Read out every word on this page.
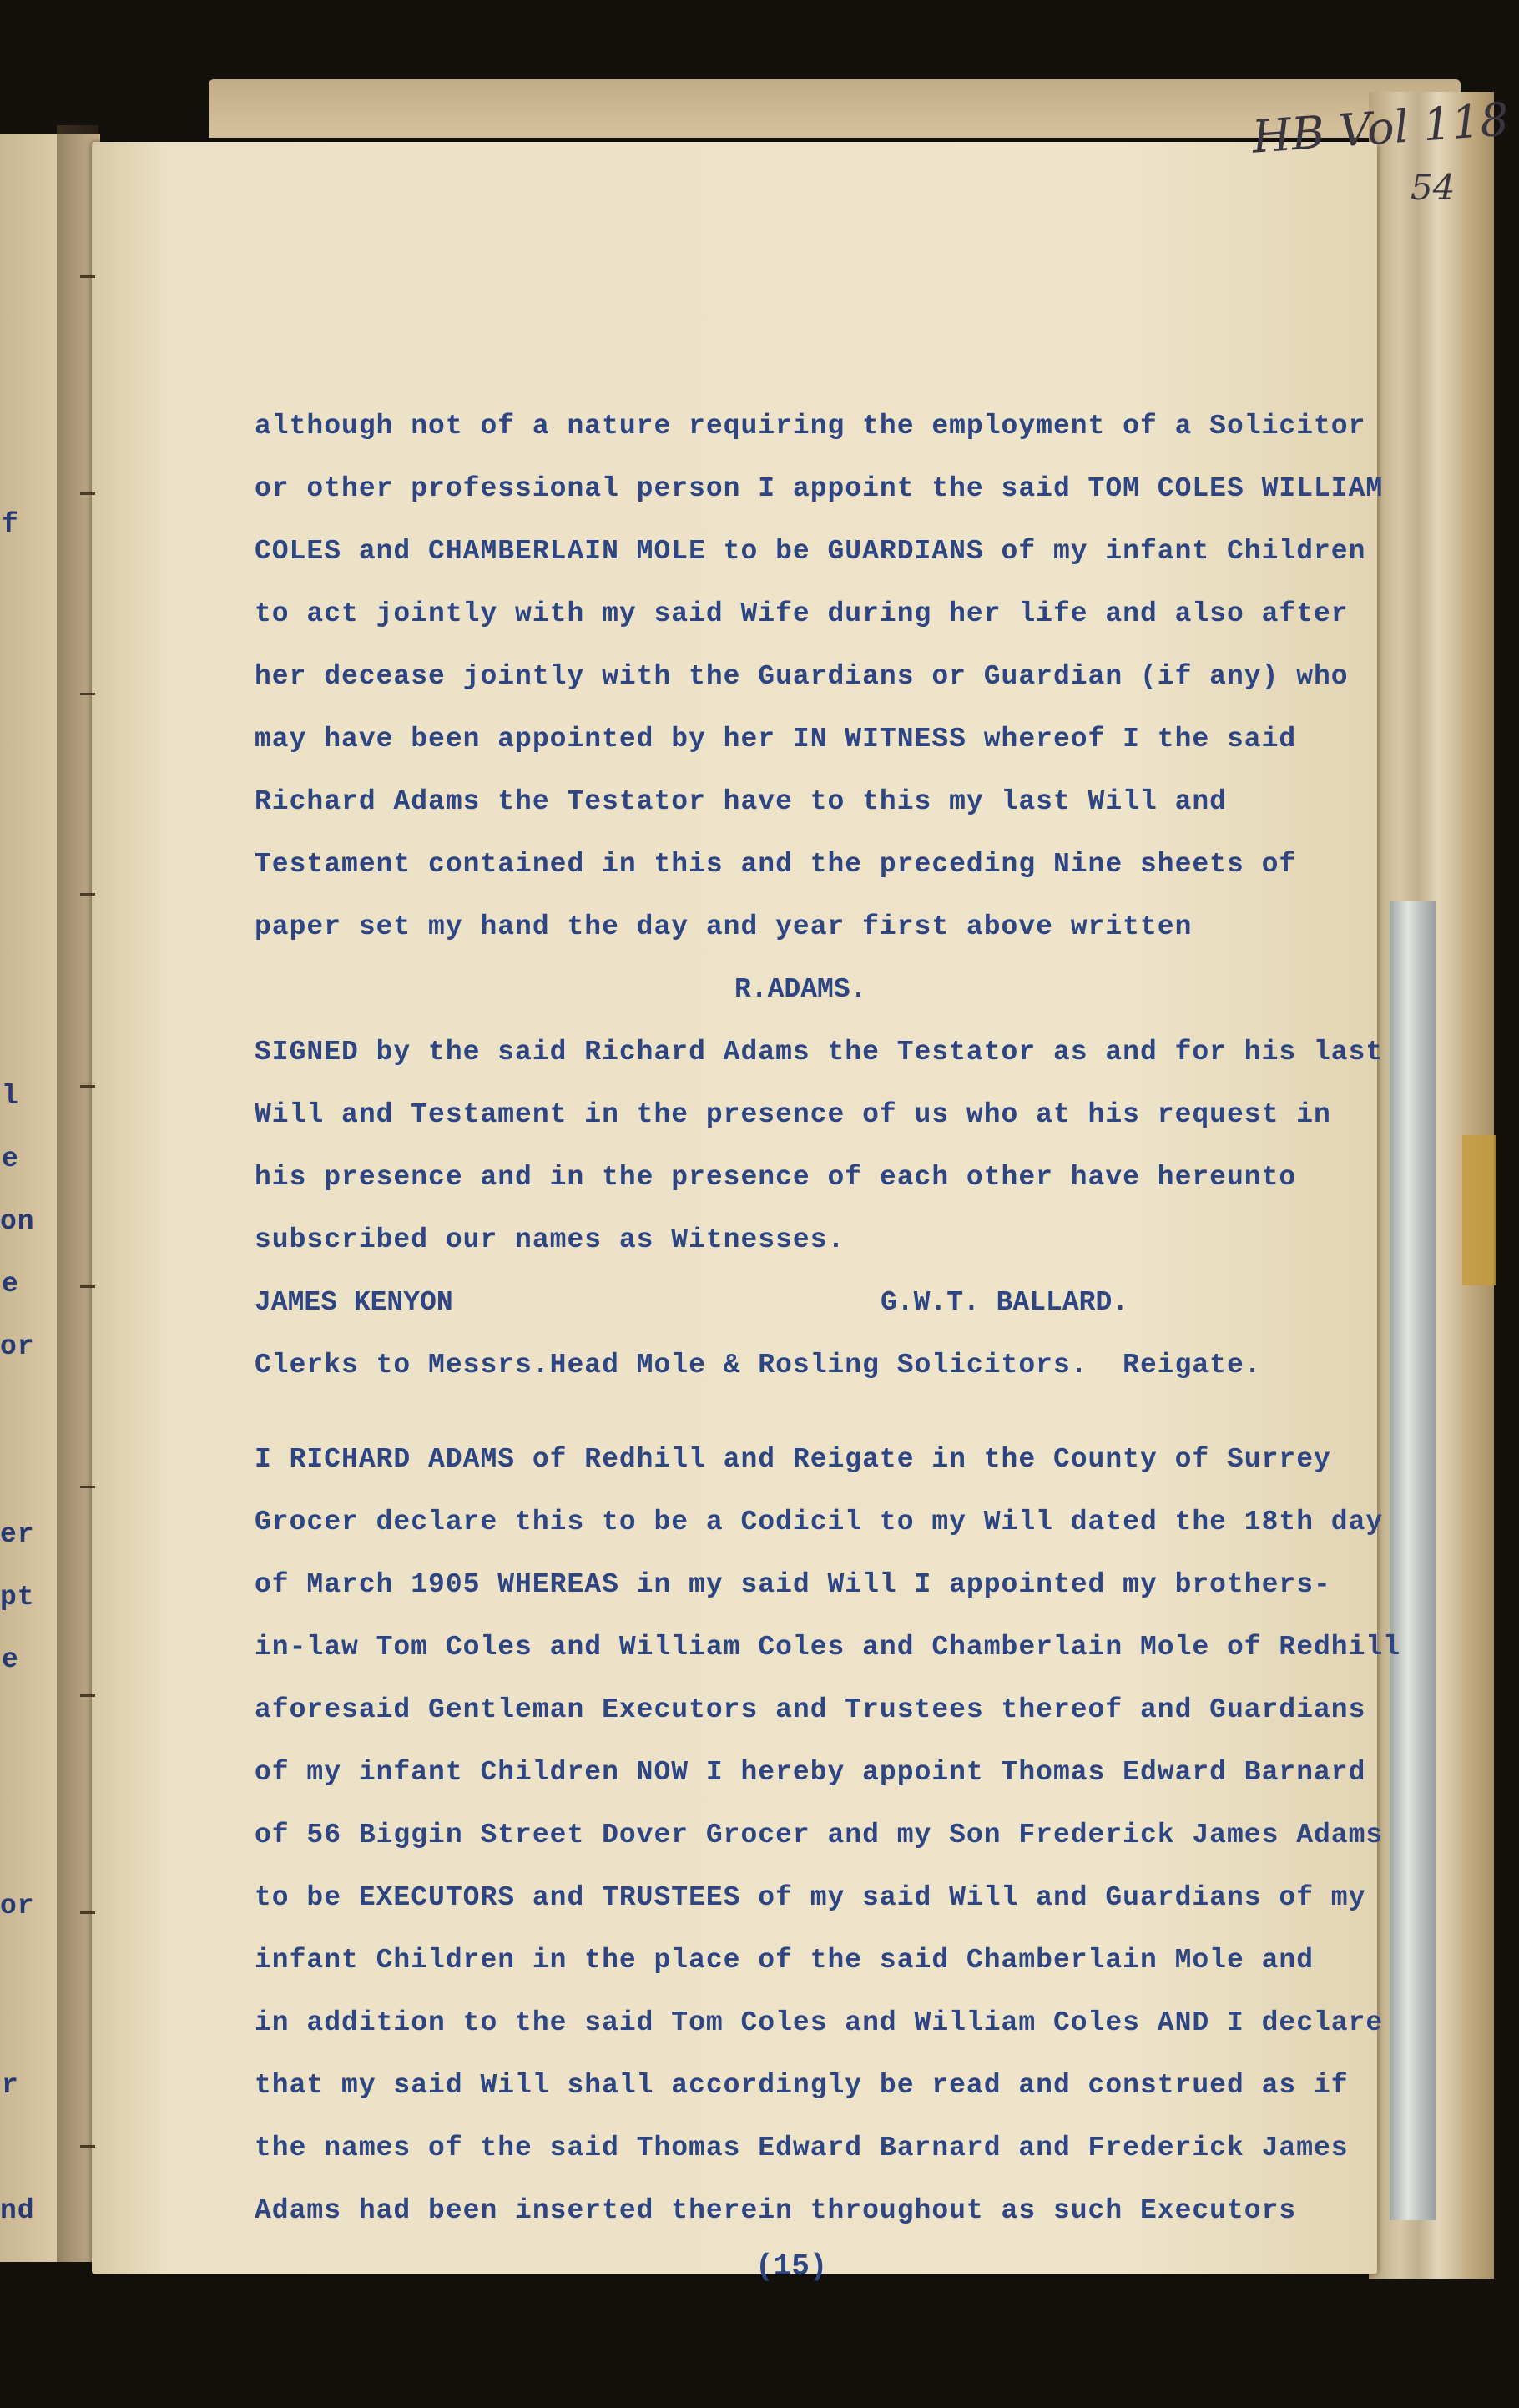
f
l
e
on
e
or
er
pt
e
or
r
nd
HB Vol 118
54
although not of a nature requiring the employment of a Solicitor
or other professional person I appoint the said TOM COLES WILLIAM
COLES and CHAMBERLAIN MOLE to be GUARDIANS of my infant Children
to act jointly with my said Wife during her life and also after
her decease jointly with the Guardians or Guardian (if any) who
may have been appointed by her IN WITNESS whereof I the said
Richard Adams the Testator have to this my last Will and
Testament contained in this and the preceding Nine sheets of
paper set my hand the day and year first above written
R.ADAMS.
SIGNED by the said Richard Adams the Testator as and for his last
Will and Testament in the presence of us who at his request in
his presence and in the presence of each other have hereunto
subscribed our names as Witnesses.
JAMES KENYON	G.W.T. BALLARD.
Clerks to Messrs.Head Mole & Rosling Solicitors.  Reigate.
I RICHARD ADAMS of Redhill and Reigate in the County of Surrey
Grocer declare this to be a Codicil to my Will dated the 18th day
of March 1905 WHEREAS in my said Will I appointed my brothers-
in-law Tom Coles and William Coles and Chamberlain Mole of Redhill
aforesaid Gentleman Executors and Trustees thereof and Guardians
of my infant Children NOW I hereby appoint Thomas Edward Barnard
of 56 Biggin Street Dover Grocer and my Son Frederick James Adams
to be EXECUTORS and TRUSTEES of my said Will and Guardians of my
infant Children in the place of the said Chamberlain Mole and
in addition to the said Tom Coles and William Coles AND I declare
that my said Will shall accordingly be read and construed as if
the names of the said Thomas Edward Barnard and Frederick James
Adams had been inserted therein throughout as such Executors
(15)
